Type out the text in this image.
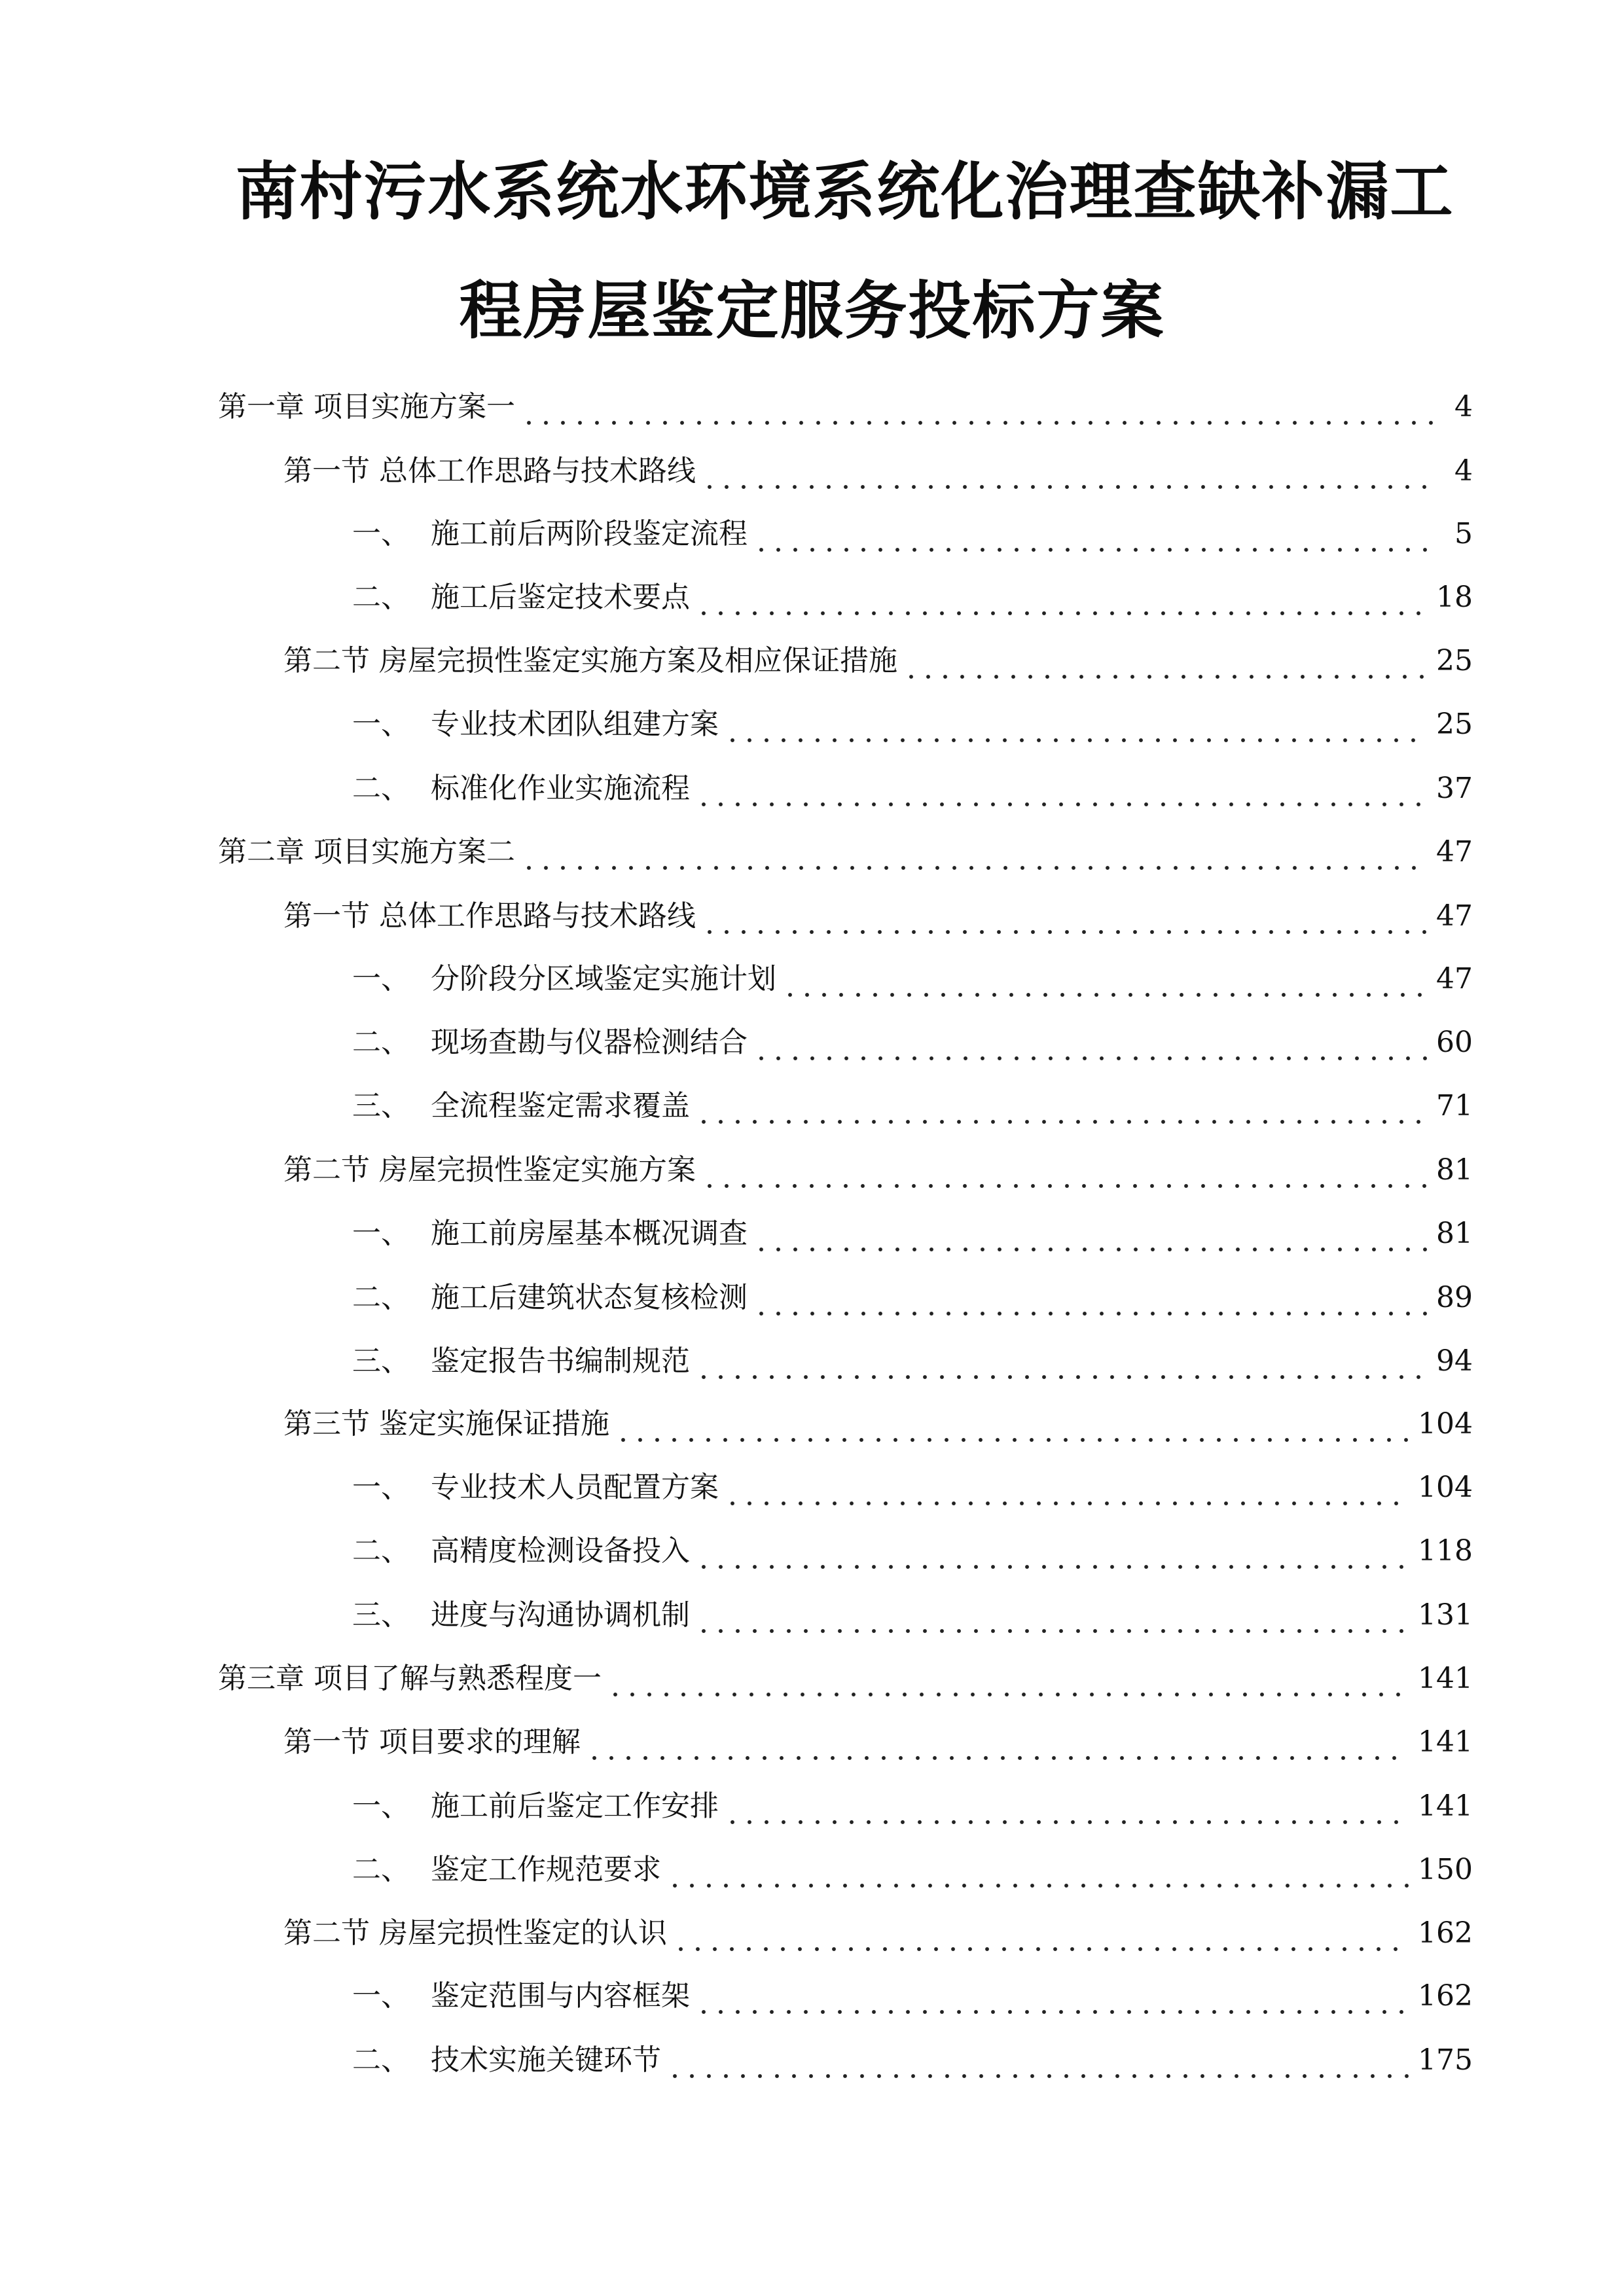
南村污水系统水环境系统化治理查缺补漏工
程房屋鉴定服务投标方案
第一章 项目实施方案一	4
第一节 总体工作思路与技术路线	4
一、 施工前后两阶段鉴定流程	5
二、 施工后鉴定技术要点	18
第二节 房屋完损性鉴定实施方案及相应保证措施	25
一、 专业技术团队组建方案	25
二、 标准化作业实施流程	37
第二章 项目实施方案二	47
第一节 总体工作思路与技术路线	47
一、 分阶段分区域鉴定实施计划	47
二、 现场查勘与仪器检测结合	60
三、 全流程鉴定需求覆盖	71
第二节 房屋完损性鉴定实施方案	81
一、 施工前房屋基本概况调查	81
二、 施工后建筑状态复核检测	89
三、 鉴定报告书编制规范	94
第三节 鉴定实施保证措施	104
一、 专业技术人员配置方案	104
二、 高精度检测设备投入	118
三、 进度与沟通协调机制	131
第三章 项目了解与熟悉程度一	141
第一节 项目要求的理解	141
一、 施工前后鉴定工作安排	141
二、 鉴定工作规范要求	150
第二节 房屋完损性鉴定的认识	162
一、 鉴定范围与内容框架	162
二、 技术实施关键环节	175
